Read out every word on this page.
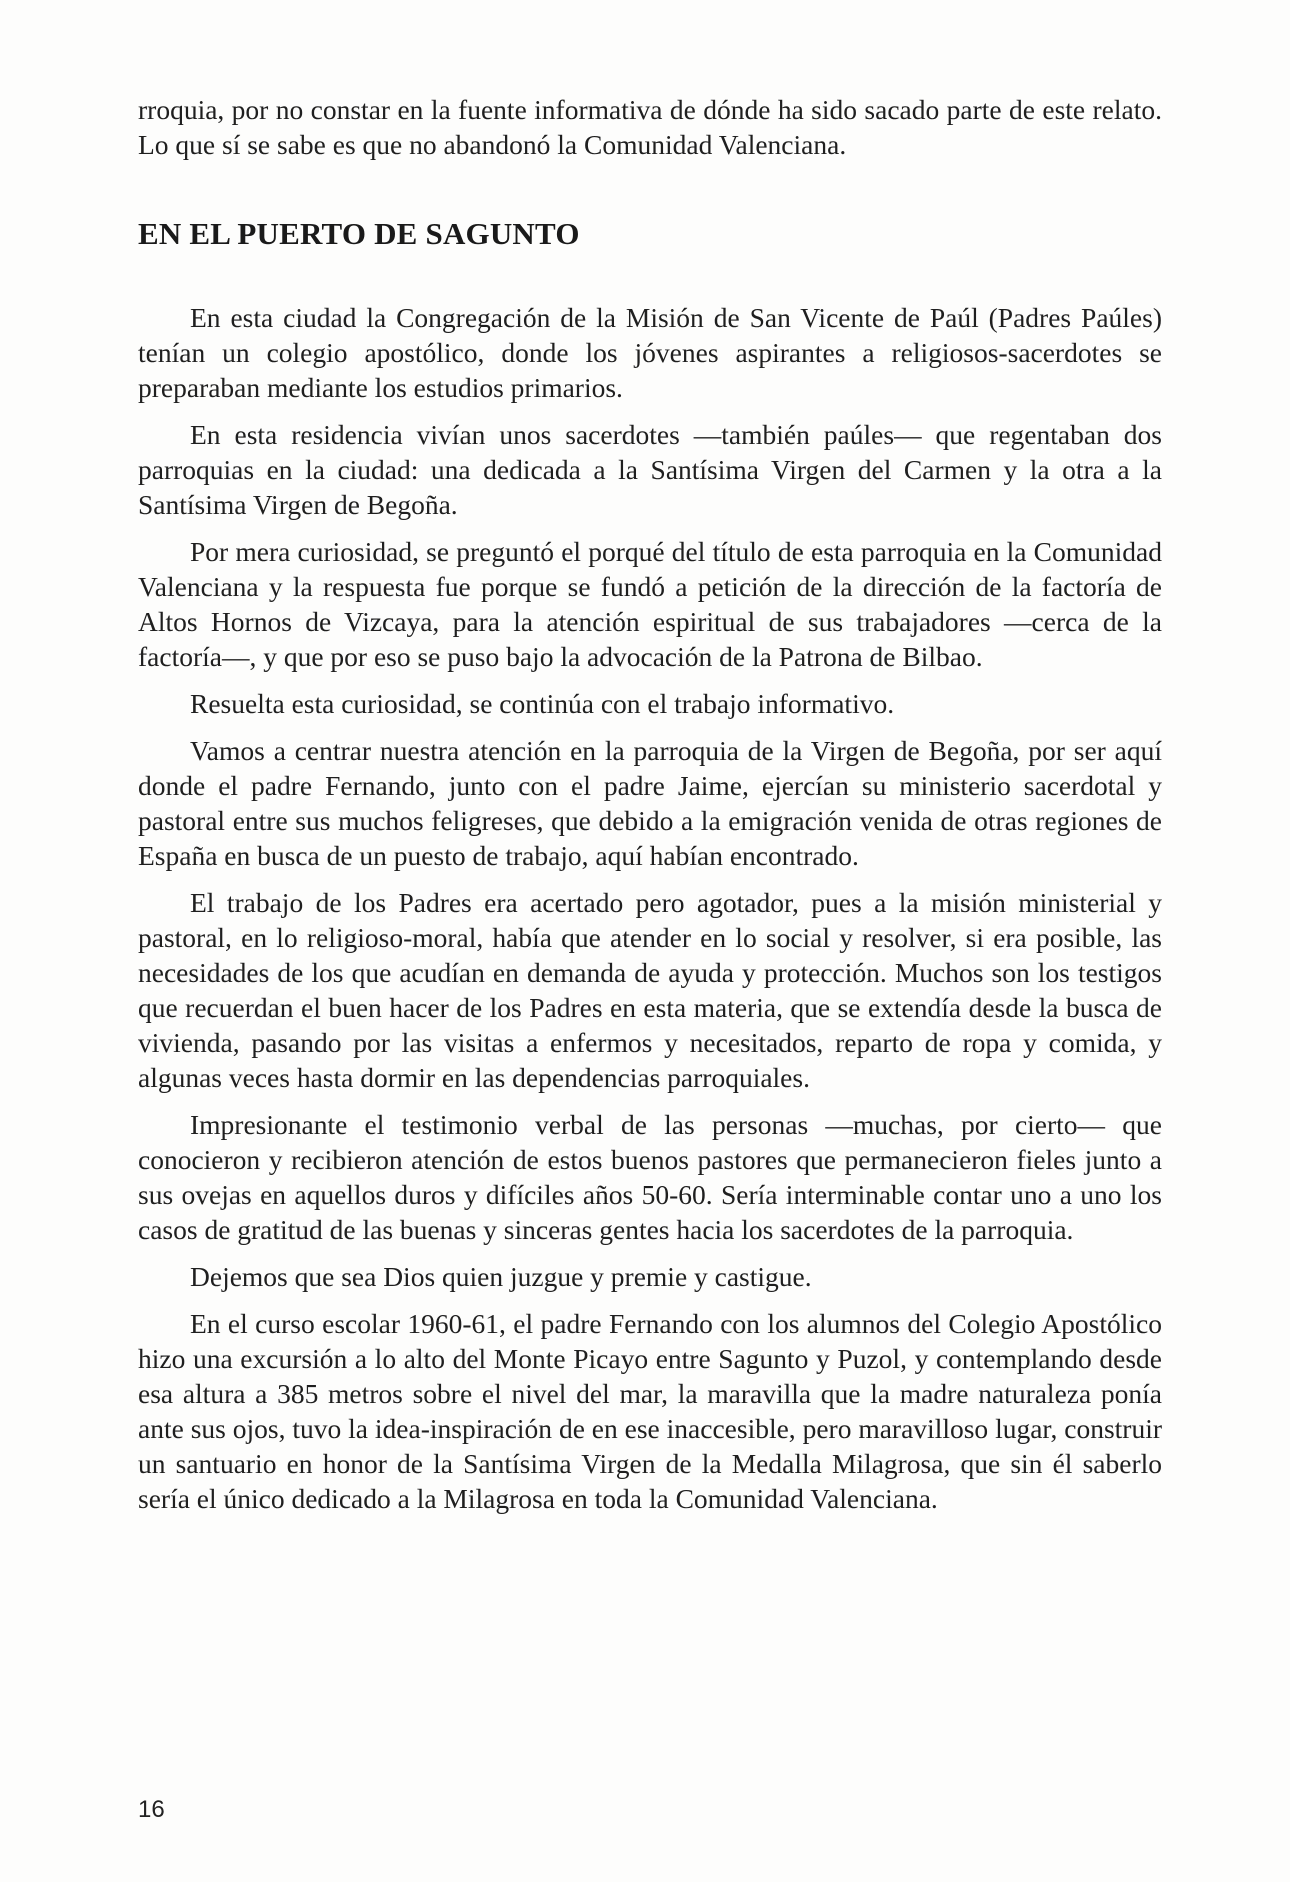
rroquia, por no constar en la fuente informativa de dónde ha sido sacado parte de este relato. Lo que sí se sabe es que no abandonó la Comunidad Valenciana.

EN EL PUERTO DE SAGUNTO

En esta ciudad la Congregación de la Misión de San Vicente de Paúl (Padres Paúles) tenían un colegio apostólico, donde los jóvenes aspirantes a religiosos-sacerdotes se preparaban mediante los estudios primarios.

En esta residencia vivían unos sacerdotes —también paúles— que regentaban dos parroquias en la ciudad: una dedicada a la Santísima Virgen del Carmen y la otra a la Santísima Virgen de Begoña.

Por mera curiosidad, se preguntó el porqué del título de esta parroquia en la Comunidad Valenciana y la respuesta fue porque se fundó a petición de la dirección de la factoría de Altos Hornos de Vizcaya, para la atención espiritual de sus trabajadores —cerca de la factoría—, y que por eso se puso bajo la advocación de la Patrona de Bilbao.

Resuelta esta curiosidad, se continúa con el trabajo informativo.

Vamos a centrar nuestra atención en la parroquia de la Virgen de Begoña, por ser aquí donde el padre Fernando, junto con el padre Jaime, ejercían su ministerio sacerdotal y pastoral entre sus muchos feligreses, que debido a la emigración venida de otras regiones de España en busca de un puesto de trabajo, aquí habían encontrado.

El trabajo de los Padres era acertado pero agotador, pues a la misión ministerial y pastoral, en lo religioso-moral, había que atender en lo social y resolver, si era posible, las necesidades de los que acudían en demanda de ayuda y protección. Muchos son los testigos que recuerdan el buen hacer de los Padres en esta materia, que se extendía desde la busca de vivienda, pasando por las visitas a enfermos y necesitados, reparto de ropa y comida, y algunas veces hasta dormir en las dependencias parroquiales.

Impresionante el testimonio verbal de las personas —muchas, por cierto— que conocieron y recibieron atención de estos buenos pastores que permanecieron fieles junto a sus ovejas en aquellos duros y difíciles años 50-60. Sería interminable contar uno a uno los casos de gratitud de las buenas y sinceras gentes hacia los sacerdotes de la parroquia.

Dejemos que sea Dios quien juzgue y premie y castigue.

En el curso escolar 1960-61, el padre Fernando con los alumnos del Colegio Apostólico hizo una excursión a lo alto del Monte Picayo entre Sagunto y Puzol, y contemplando desde esa altura a 385 metros sobre el nivel del mar, la maravilla que la madre naturaleza ponía ante sus ojos, tuvo la idea-inspiración de en ese inaccesible, pero maravilloso lugar, construir un santuario en honor de la Santísima Virgen de la Medalla Milagrosa, que sin él saberlo sería el único dedicado a la Milagrosa en toda la Comunidad Valenciana.

16
